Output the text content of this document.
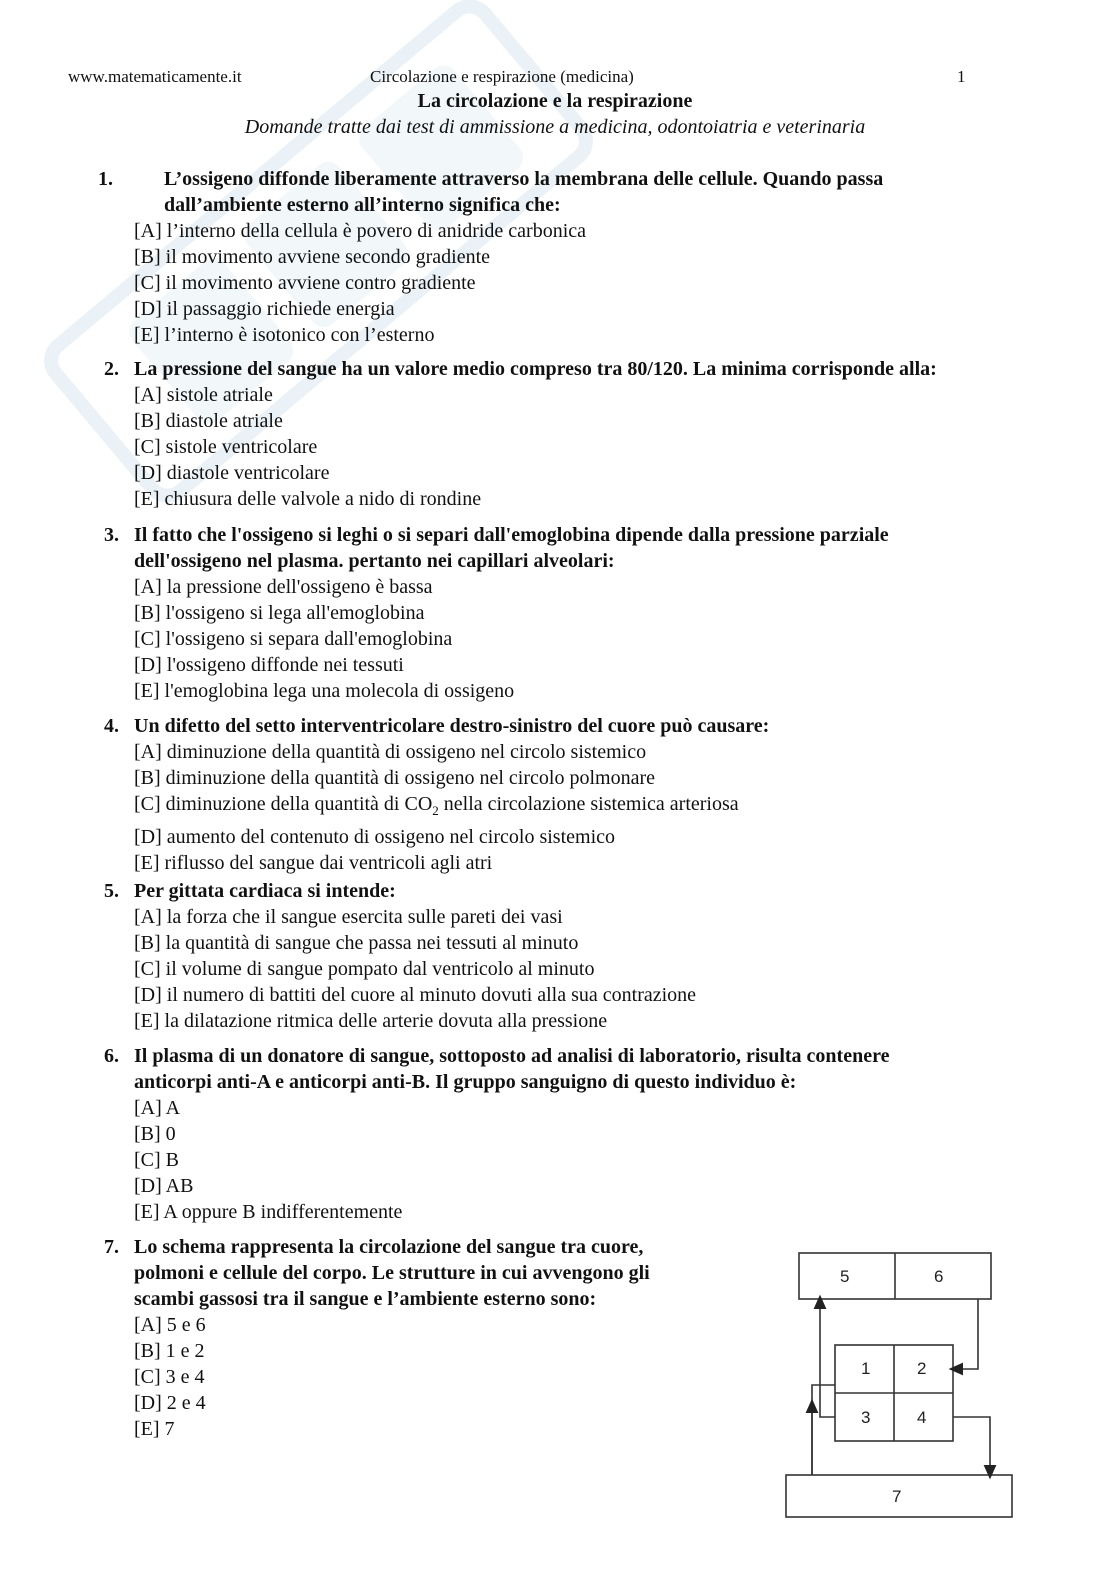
www.matematicamente.it	Circolazione e respirazione (medicina)	1
La circolazione e la respirazione
Domande tratte dai test di ammissione a medicina, odontoiatria e veterinaria
1.	L’ossigeno diffonde liberamente attraverso la membrana delle cellule. Quando passa
dall’ambiente esterno all’interno significa che:
[A] l’interno della cellula è povero di anidride carbonica
[B] il movimento avviene secondo gradiente
[C] il movimento avviene contro gradiente
[D] il passaggio richiede energia
[E] l’interno è isotonico con l’esterno
2. La pressione del sangue ha un valore medio compreso tra 80/120. La minima corrisponde alla:
[A] sistole atriale
[B] diastole atriale
[C] sistole ventricolare
[D] diastole ventricolare
[E] chiusura delle valvole a nido di rondine
3. Il fatto che l'ossigeno si leghi o si separi dall'emoglobina dipende dalla pressione parziale
dell'ossigeno nel plasma. pertanto nei capillari alveolari:
[A] la pressione dell'ossigeno è bassa
[B] l'ossigeno si lega all'emoglobina
[C] l'ossigeno si separa dall'emoglobina
[D] l'ossigeno diffonde nei tessuti
[E] l'emoglobina lega una molecola di ossigeno
4. Un difetto del setto interventricolare destro-sinistro del cuore può causare:
[A] diminuzione della quantità di ossigeno nel circolo sistemico
[B] diminuzione della quantità di ossigeno nel circolo polmonare
[C] diminuzione della quantità di $CO_2$ nella circolazione sistemica arteriosa
[D] aumento del contenuto di ossigeno nel circolo sistemico
[E] riflusso del sangue dai ventricoli agli atri
5. Per gittata cardiaca si intende:
[A] la forza che il sangue esercita sulle pareti dei vasi
[B] la quantità di sangue che passa nei tessuti al minuto
[C] il volume di sangue pompato dal ventricolo al minuto
[D] il numero di battiti del cuore al minuto dovuti alla sua contrazione
[E] la dilatazione ritmica delle arterie dovuta alla pressione
6. Il plasma di un donatore di sangue, sottoposto ad analisi di laboratorio, risulta contenere
anticorpi anti-A e anticorpi anti-B. Il gruppo sanguigno di questo individuo è:
[A] A
[B] 0
[C] B
[D] AB
[E] A oppure B indifferentemente
7. Lo schema rappresenta la circolazione del sangue tra cuore,
polmoni e cellule del corpo. Le strutture in cui avvengono gli
scambi gassosi tra il sangue e l’ambiente esterno sono:
[A] 5 e 6
[B] 1 e 2
[C] 3 e 4
[D] 2 e 4
[E] 7
5	6
1	2
3	4
7
